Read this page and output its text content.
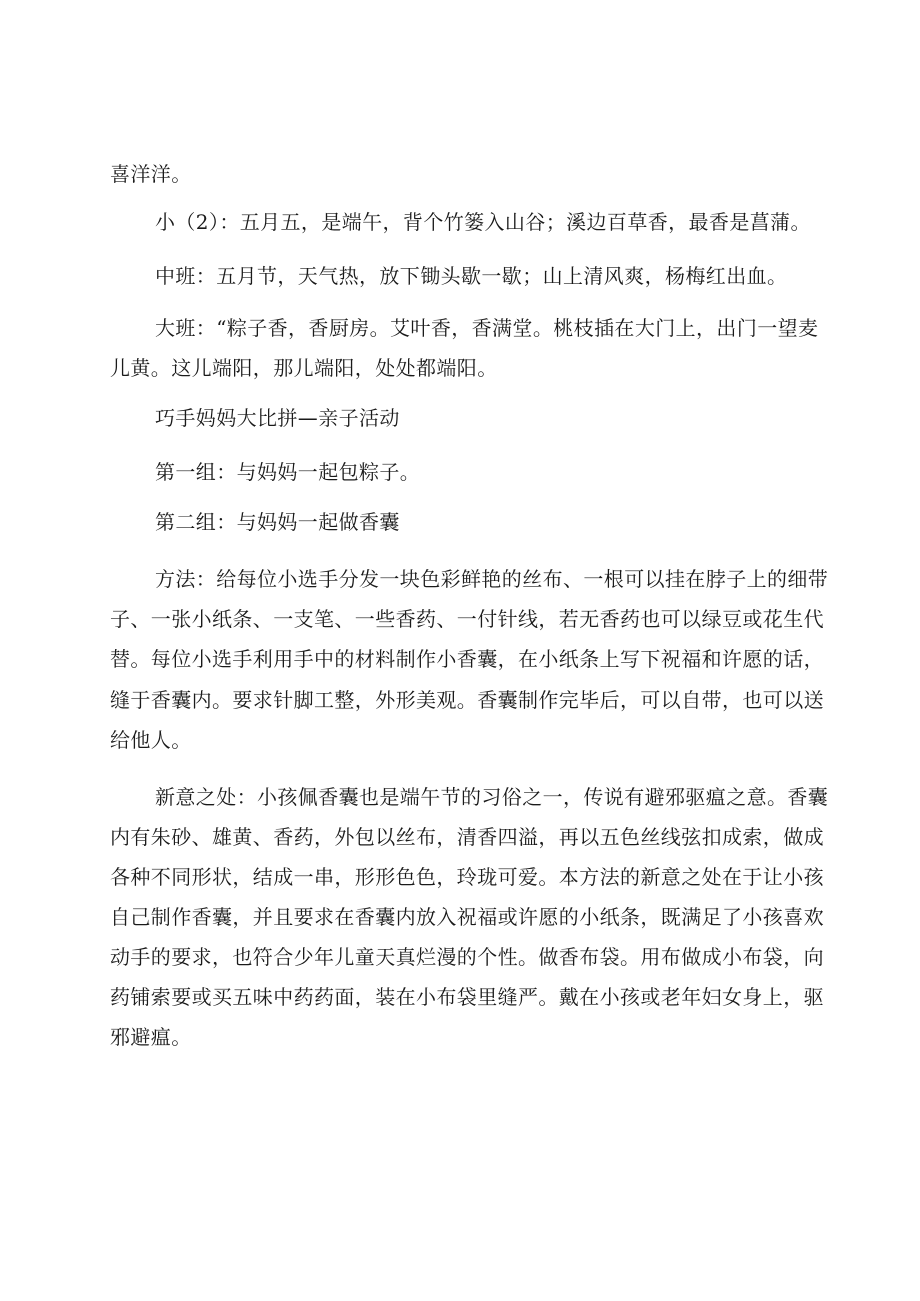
喜洋洋。
小（2）：五月五，是端午，背个竹篓入山谷；溪边百草香，最香是菖蒲。
中班：五月节，天气热，放下锄头歇一歇；山上清风爽，杨梅红出血。
大班：“粽子香，香厨房。艾叶香，香满堂。桃枝插在大门上，出门一望麦
儿黄。这儿端阳，那儿端阳，处处都端阳。
巧手妈妈大比拼—亲子活动
第一组：与妈妈一起包粽子。
第二组：与妈妈一起做香囊
方法：给每位小选手分发一块色彩鲜艳的丝布、一根可以挂在脖子上的细带
子、一张小纸条、一支笔、一些香药、一付针线，若无香药也可以绿豆或花生代
替。每位小选手利用手中的材料制作小香囊，在小纸条上写下祝福和许愿的话，
缝于香囊内。要求针脚工整，外形美观。香囊制作完毕后，可以自带，也可以送
给他人。
新意之处：小孩佩香囊也是端午节的习俗之一，传说有避邪驱瘟之意。香囊
内有朱砂、雄黄、香药，外包以丝布，清香四溢，再以五色丝线弦扣成索，做成
各种不同形状，结成一串，形形色色，玲珑可爱。本方法的新意之处在于让小孩
自己制作香囊，并且要求在香囊内放入祝福或许愿的小纸条，既满足了小孩喜欢
动手的要求，也符合少年儿童天真烂漫的个性。做香布袋。用布做成小布袋，向
药铺索要或买五味中药药面，装在小布袋里缝严。戴在小孩或老年妇女身上，驱
邪避瘟。
